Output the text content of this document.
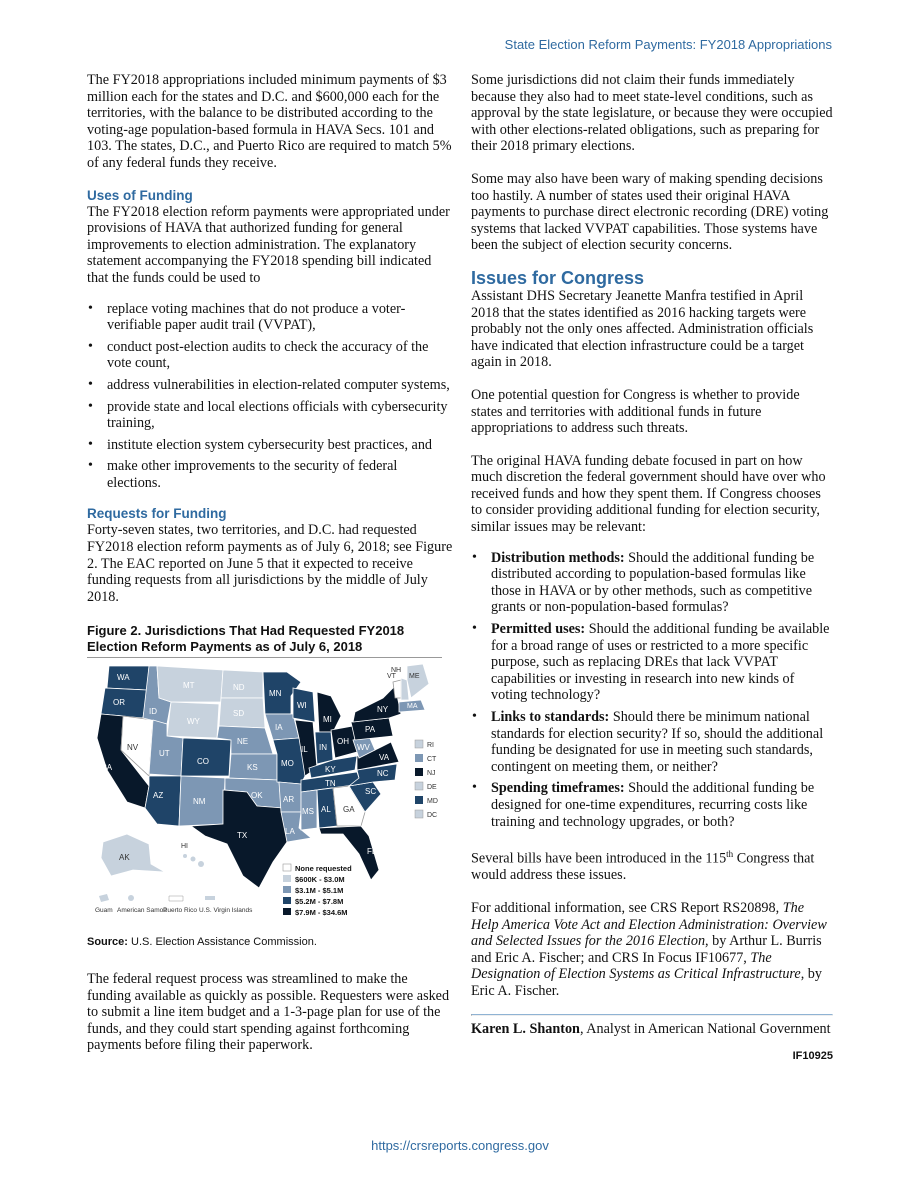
State Election Reform Payments: FY2018 Appropriations

The FY2018 appropriations included minimum payments of $3 million each for the states and D.C. and $600,000 each for the territories, with the balance to be distributed according to the voting-age population-based formula in HAVA Secs. 101 and 103. The states, D.C., and Puerto Rico are required to match 5% of any federal funds they receive.

Uses of Funding

The FY2018 election reform payments were appropriated under provisions of HAVA that authorized funding for general improvements to election administration. The explanatory statement accompanying the FY2018 spending bill indicated that the funds could be used to

• replace voting machines that do not produce a voter-verifiable paper audit trail (VVPAT),
• conduct post-election audits to check the accuracy of the vote count,
• address vulnerabilities in election-related computer systems,
• provide state and local elections officials with cybersecurity training,
• institute election system cybersecurity best practices, and
• make other improvements to the security of federal elections.

Requests for Funding

Forty-seven states, two territories, and D.C. had requested FY2018 election reform payments as of July 6, 2018; see Figure 2. The EAC reported on June 5 that it expected to receive funding requests from all jurisdictions by the middle of July 2018.

Figure 2. Jurisdictions That Had Requested FY2018 Election Reform Payments as of July 6, 2018

WA
OR
CA
NV
ID
MT
WY
UT
AZ
CO
NM
ND
SD
NE
KS
OK
TX
MN
IA
MO
AR
LA
WI
IL
MI
IN
OH
KY
TN
MS AL GA
FL
SC
NC
VA
WV
PA
NY
VT
NH
ME
MA
AK
HI
RI
CT
NJ
DE
MD
DC
Guam American Samoa
Puerto Rico U.S. Virgin Islands
None requested
$600K - $3.0M
$3.1M - $5.1M
$5.2M - $7.8M
$7.9M - $34.6M

Source: U.S. Election Assistance Commission.

The federal request process was streamlined to make the funding available as quickly as possible. Requesters were asked to submit a line item budget and a 1-3-page plan for use of the funds, and they could start spending against forthcoming payments before filing their paperwork.

Some jurisdictions did not claim their funds immediately because they also had to meet state-level conditions, such as approval by the state legislature, or because they were occupied with other elections-related obligations, such as preparing for their 2018 primary elections.

Some may also have been wary of making spending decisions too hastily. A number of states used their original HAVA payments to purchase direct electronic recording (DRE) voting systems that lacked VVPAT capabilities. Those systems have been the subject of election security concerns.

Issues for Congress

Assistant DHS Secretary Jeanette Manfra testified in April 2018 that the states identified as 2016 hacking targets were probably not the only ones affected. Administration officials have indicated that election infrastructure could be a target again in 2018.

One potential question for Congress is whether to provide states and territories with additional funds in future appropriations to address such threats.

The original HAVA funding debate focused in part on how much discretion the federal government should have over who received funds and how they spent them. If Congress chooses to consider providing additional funding for election security, similar issues may be relevant:

• Distribution methods: Should the additional funding be distributed according to population-based formulas like those in HAVA or by other methods, such as competitive grants or non-population-based formulas?
• Permitted uses: Should the additional funding be available for a broad range of uses or restricted to a more specific purpose, such as replacing DREs that lack VVPAT capabilities or investing in research into new kinds of voting technology?
• Links to standards: Should there be minimum national standards for election security? If so, should the additional funding be designated for use in meeting such standards, contingent on meeting them, or neither?
• Spending timeframes: Should the additional funding be designed for one-time expenditures, recurring costs like training and technology upgrades, or both?

Several bills have been introduced in the 115th Congress that would address these issues.

For additional information, see CRS Report RS20898, The Help America Vote Act and Election Administration: Overview and Selected Issues for the 2016 Election, by Arthur L. Burris and Eric A. Fischer; and CRS In Focus IF10677, The Designation of Election Systems as Critical Infrastructure, by Eric A. Fischer.

Karen L. Shanton, Analyst in American National Government

IF10925

https://crsreports.congress.gov
